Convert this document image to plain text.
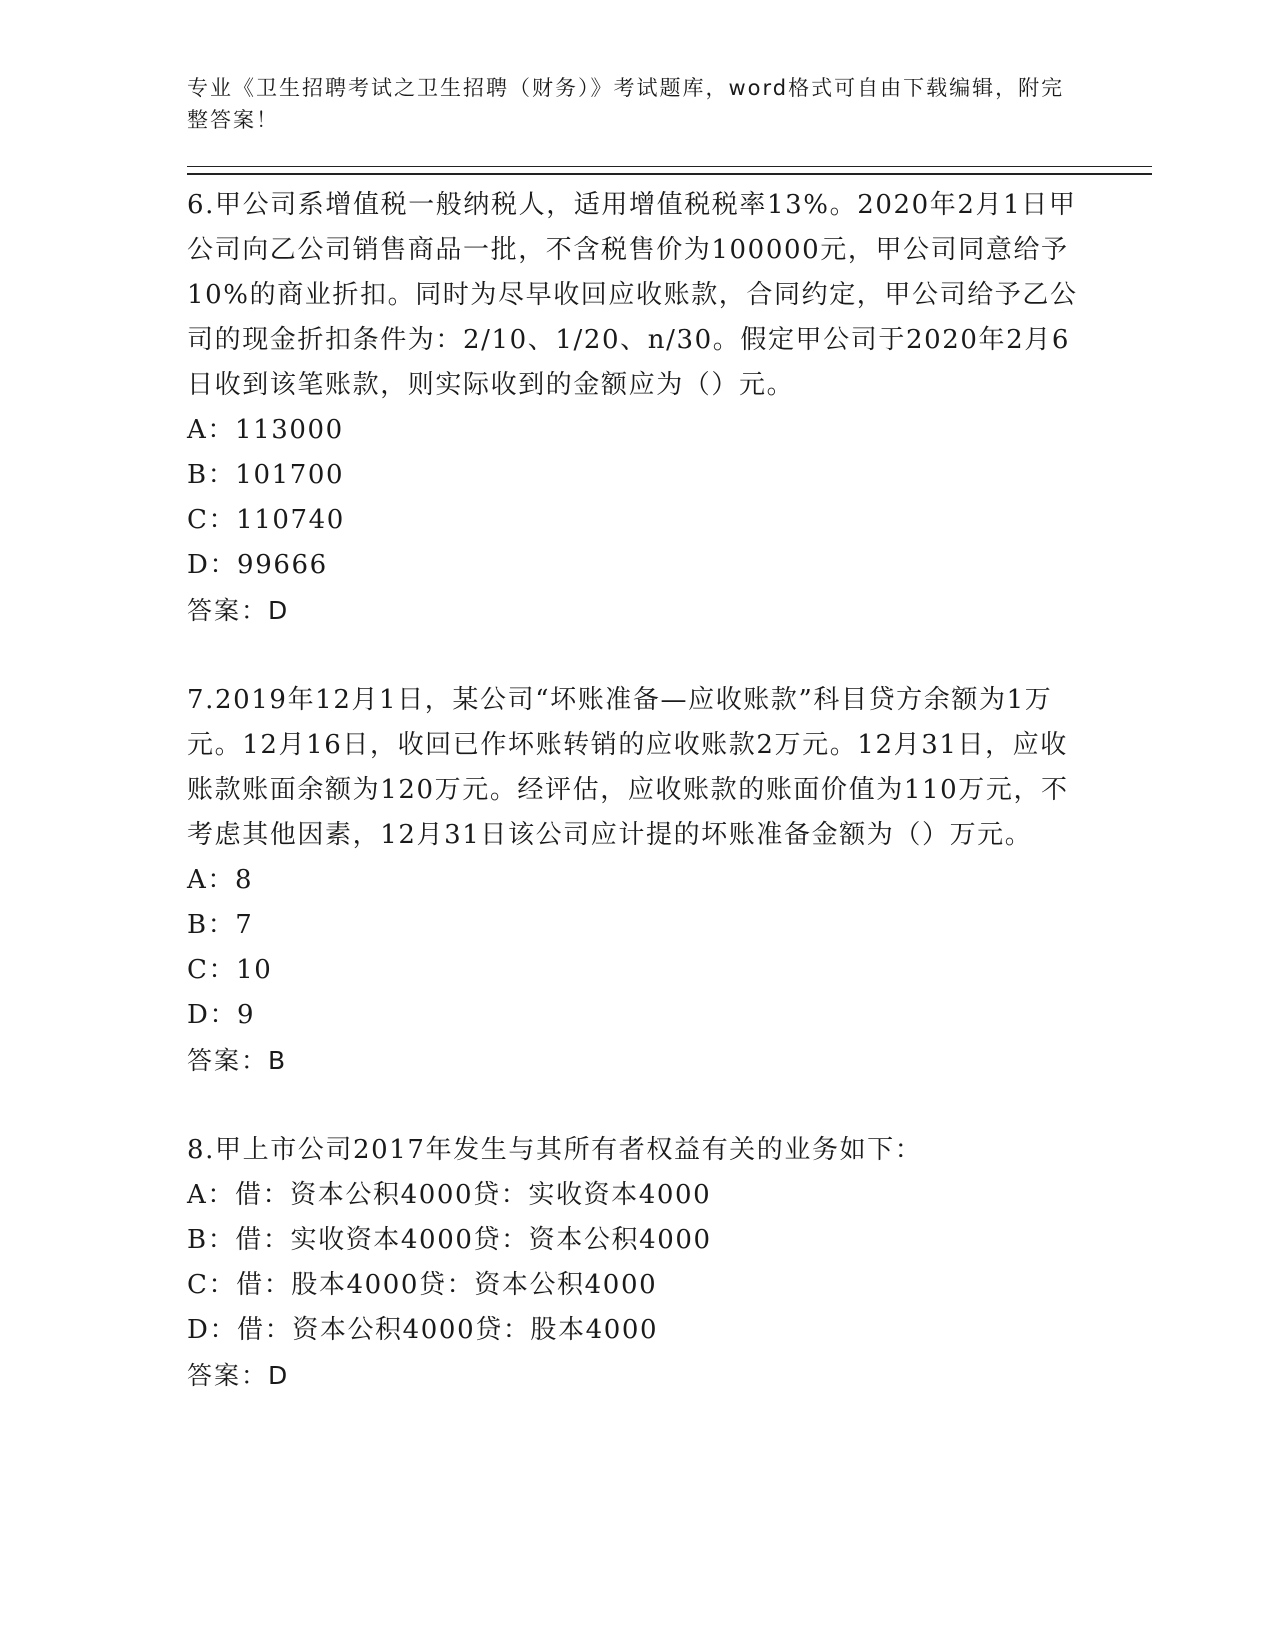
专业《卫生招聘考试之卫生招聘（财务）》考试题库，word格式可自由下载编辑，附完整答案！

6.甲公司系增值税一般纳税人，适用增值税税率13%。2020年2月1日甲公司向乙公司销售商品一批，不含税售价为100000元，甲公司同意给予10%的商业折扣。同时为尽早收回应收账款，合同约定，甲公司给予乙公司的现金折扣条件为：2/10、1/20、n/30。假定甲公司于2020年2月6日收到该笔账款，则实际收到的金额应为（）元。

A：113000

B：101700

C：110740

D：99666

答案：D

7.2019年12月1日，某公司“坏账准备—应收账款”科目贷方余额为1万元。12月16日，收回已作坏账转销的应收账款2万元。12月31日，应收账款账面余额为120万元。经评估，应收账款的账面价值为110万元，不考虑其他因素，12月31日该公司应计提的坏账准备金额为（）万元。

A：8

B：7

C：10

D：9

答案：B

8.甲上市公司2017年发生与其所有者权益有关的业务如下：

A：借：资本公积4000贷：实收资本4000

B：借：实收资本4000贷：资本公积4000

C：借：股本4000贷：资本公积4000

D：借：资本公积4000贷：股本4000

答案：D
